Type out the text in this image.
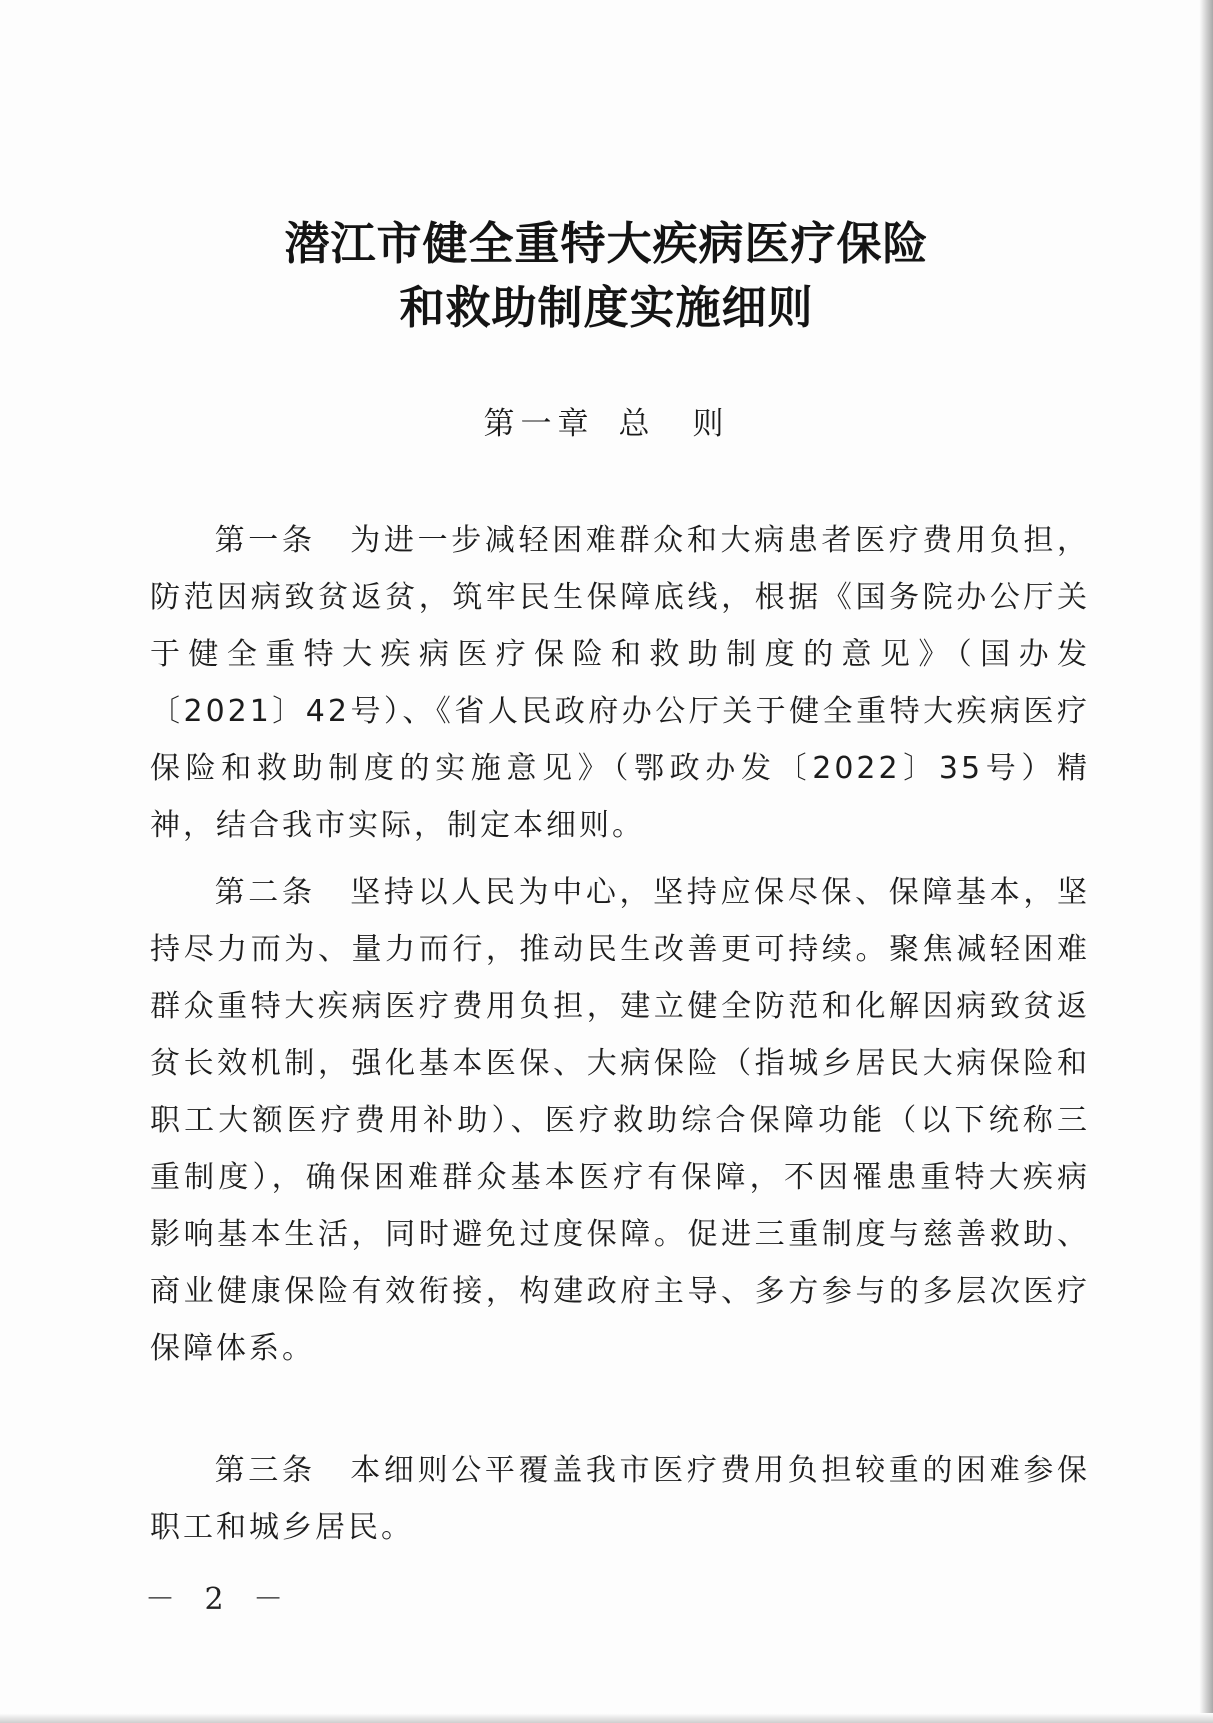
潜江市健全重特大疾病医疗保险
和救助制度实施细则
第一章 总　则
第一条 为进一步减轻困难群众和大病患者医疗费用负担，防范因病致贫返贫，筑牢民生保障底线，根据《国务院办公厅关于健全重特大疾病医疗保险和救助制度的意见》（国办发〔2021〕42号）、《省人民政府办公厅关于健全重特大疾病医疗保险和救助制度的实施意见》（鄂政办发〔2022〕35号）精神，结合我市实际，制定本细则。
第二条 坚持以人民为中心，坚持应保尽保、保障基本，坚持尽力而为、量力而行，推动民生改善更可持续。聚焦减轻困难群众重特大疾病医疗费用负担，建立健全防范和化解因病致贫返贫长效机制，强化基本医保、大病保险（指城乡居民大病保险和职工大额医疗费用补助）、医疗救助综合保障功能（以下统称三重制度），确保困难群众基本医疗有保障，不因罹患重特大疾病影响基本生活，同时避免过度保障。促进三重制度与慈善救助、商业健康保险有效衔接，构建政府主导、多方参与的多层次医疗保障体系。
第三条 本细则公平覆盖我市医疗费用负担较重的困难参保职工和城乡居民。
－ 2 －
